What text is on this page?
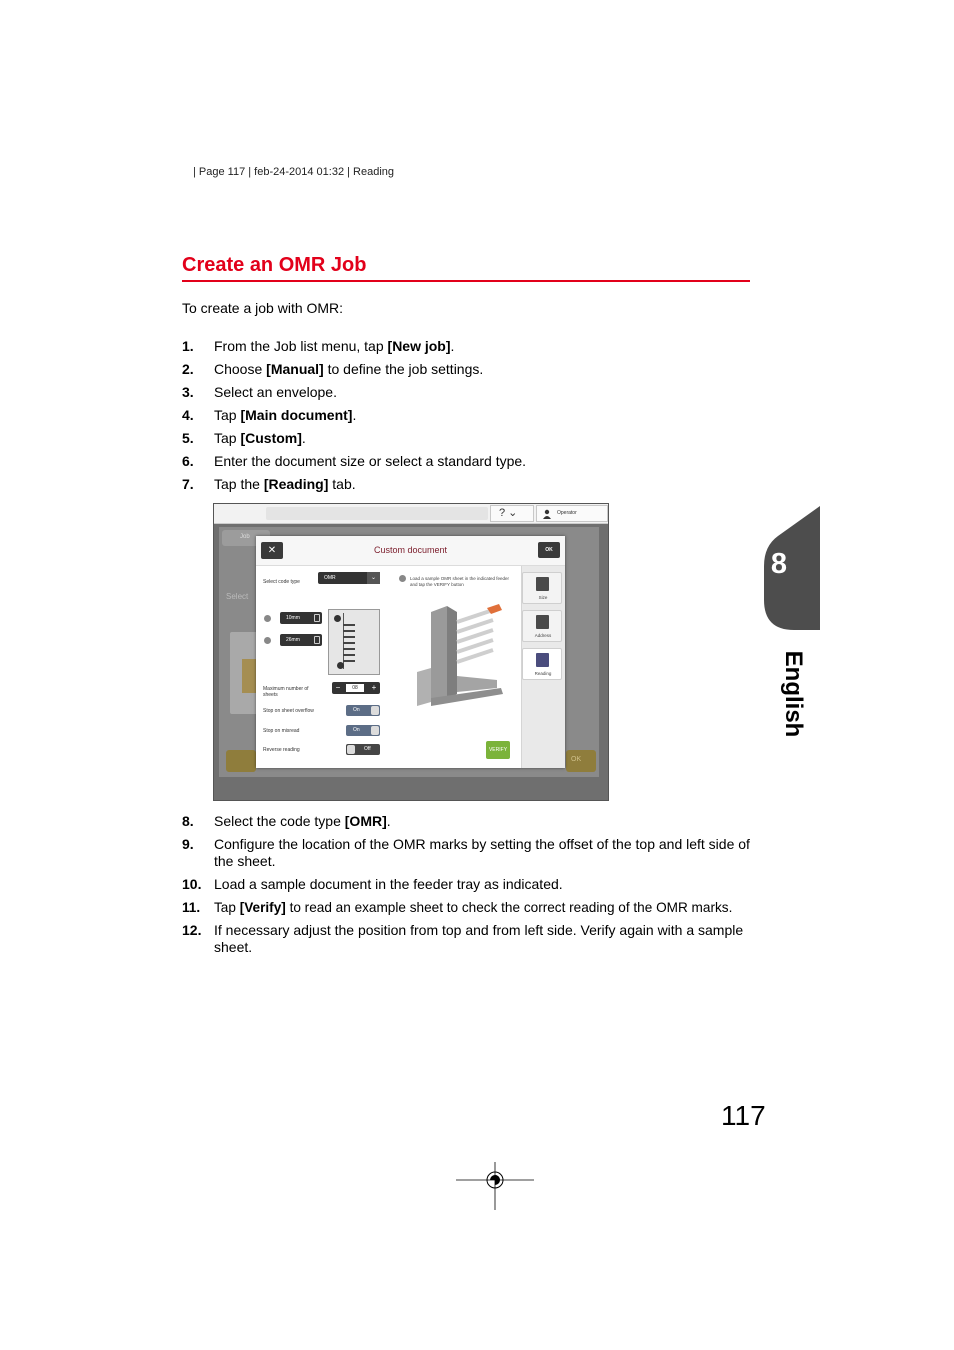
| Page 117 | feb-24-2014 01:32 | Reading
Create an OMR Job
To create a job with OMR:
1. From the Job list menu, tap [New job].
2. Choose [Manual] to define the job settings.
3. Select an envelope.
4. Tap [Main document].
5. Tap [Custom].
6. Enter the document size or select a standard type.
7. Tap the [Reading] tab.
? ⌄	Operator
Job
Select
OK
✕	Custom document	OK
Select code type
OMR	⌄
10mm
26mm
Maximum number of sheets
−	08	+
Stop on sheet overflow	On
Stop on misread	On
Reverse reading	Off
Load a sample OMR sheet in the indicated feeder and tap the VERIFY button
VERIFY
Size
Address
Reading
8. Select the code type [OMR].
9. Configure the location of the OMR marks by setting the offset of the top and left side of the sheet.
10. Load a sample document in the feeder tray as indicated.
11. Tap [Verify] to read an example sheet to check the correct reading of the OMR marks.
12. If necessary adjust the position from top and from left side. Verify again with a sample sheet.
8
English
117
